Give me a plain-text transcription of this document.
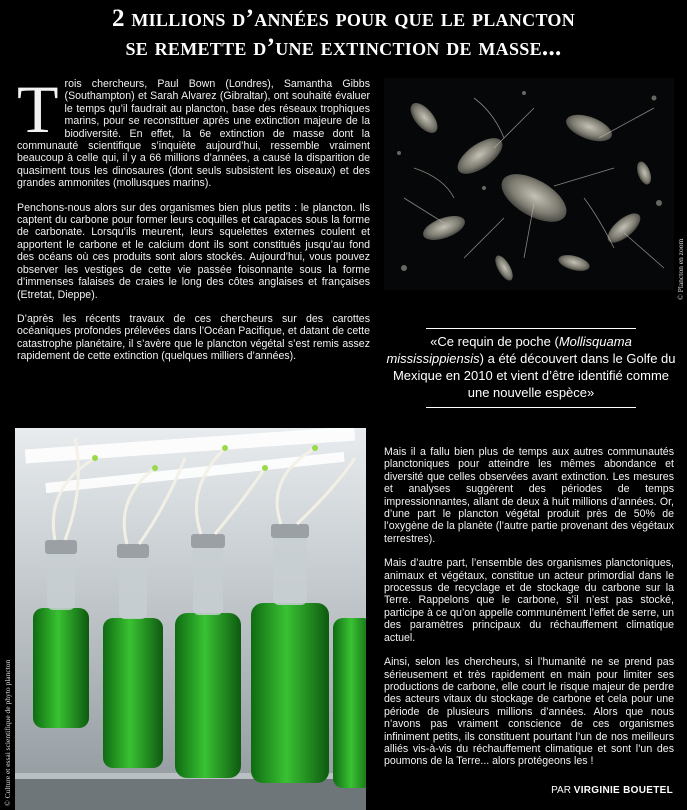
2 millions d’années pour que le plancton
se remette d’une extinction de masse...

Trois chercheurs, Paul Bown (Londres), Samantha Gibbs (Southampton) et Sarah Alvarez (Gibraltar), ont souhaité évaluer le temps qu’il faudrait au plancton, base des réseaux trophiques marins, pour se reconstituer après une extinction majeure de la biodiversité. En effet, la 6e extinction de masse dont la communauté scientifique s’inquiète aujourd’hui, ressemble vraiment beaucoup à celle qui, il y a 66 millions d’années, a causé la disparition de quasiment tous les dinosaures (dont seuls subsistent les oiseaux) et des grandes ammonites (mollusques marins).

Penchons-nous alors sur des organismes bien plus petits : le plancton. Ils captent du carbone pour former leurs coquilles et carapaces sous la forme de carbonate. Lorsqu’ils meurent, leurs squelettes externes coulent et apportent le carbone et le calcium dont ils sont constitués jusqu’au fond des océans où ces produits sont alors stockés. Aujourd’hui, vous pouvez observer les vestiges de cette vie passée foisonnante sous la forme d’immenses falaises de craies le long des côtes anglaises et françaises (Etretat, Dieppe).

D’après les récents travaux de ces chercheurs sur des carottes océaniques profondes prélevées dans l’Océan Pacifique, et datant de cette catastrophe planétaire, il s’avère que le plancton végétal s’est remis assez rapidement de cette extinction (quelques milliers d’années).

© Plancton en zoom

«Ce requin de poche (Mollisquama mississippiensis) a été découvert dans le Golfe du Mexique en 2010 et vient d’être identifié comme une nouvelle espèce»

© Culture et essai scientifique de phyto plancton

Mais il a fallu bien plus de temps aux autres communautés planctoniques pour atteindre les mêmes abondance et diversité que celles observées avant extinction. Les mesures et analyses suggèrent des périodes de temps impressionnantes, allant de deux à huit millions d’années. Or, d’une part le plancton végétal produit près de 50% de l’oxygène de la planète (l’autre partie provenant des végétaux terrestres).

Mais d’autre part, l’ensemble des organismes planctoniques, animaux et végétaux, constitue un acteur primordial dans le processus de recyclage et de stockage du carbone sur la Terre. Rappelons que le carbone, s’il n’est pas stocké, participe à ce qu’on appelle communément l’effet de serre, un des paramètres principaux du réchauffement climatique actuel.

Ainsi, selon les chercheurs, si l’humanité ne se prend pas sérieusement et très rapidement en main pour limiter ses productions de carbone, elle court le risque majeur de perdre des acteurs vitaux du stockage de carbone et cela pour une période de plusieurs millions d’années. Alors que nous n’avons pas vraiment conscience de ces organismes infiniment petits, ils constituent pourtant l’un de nos meilleurs alliés vis-à-vis du réchauffement climatique et sont l’un des poumons de la Terre... alors protégeons les !

PAR VIRGINIE BOUETEL
